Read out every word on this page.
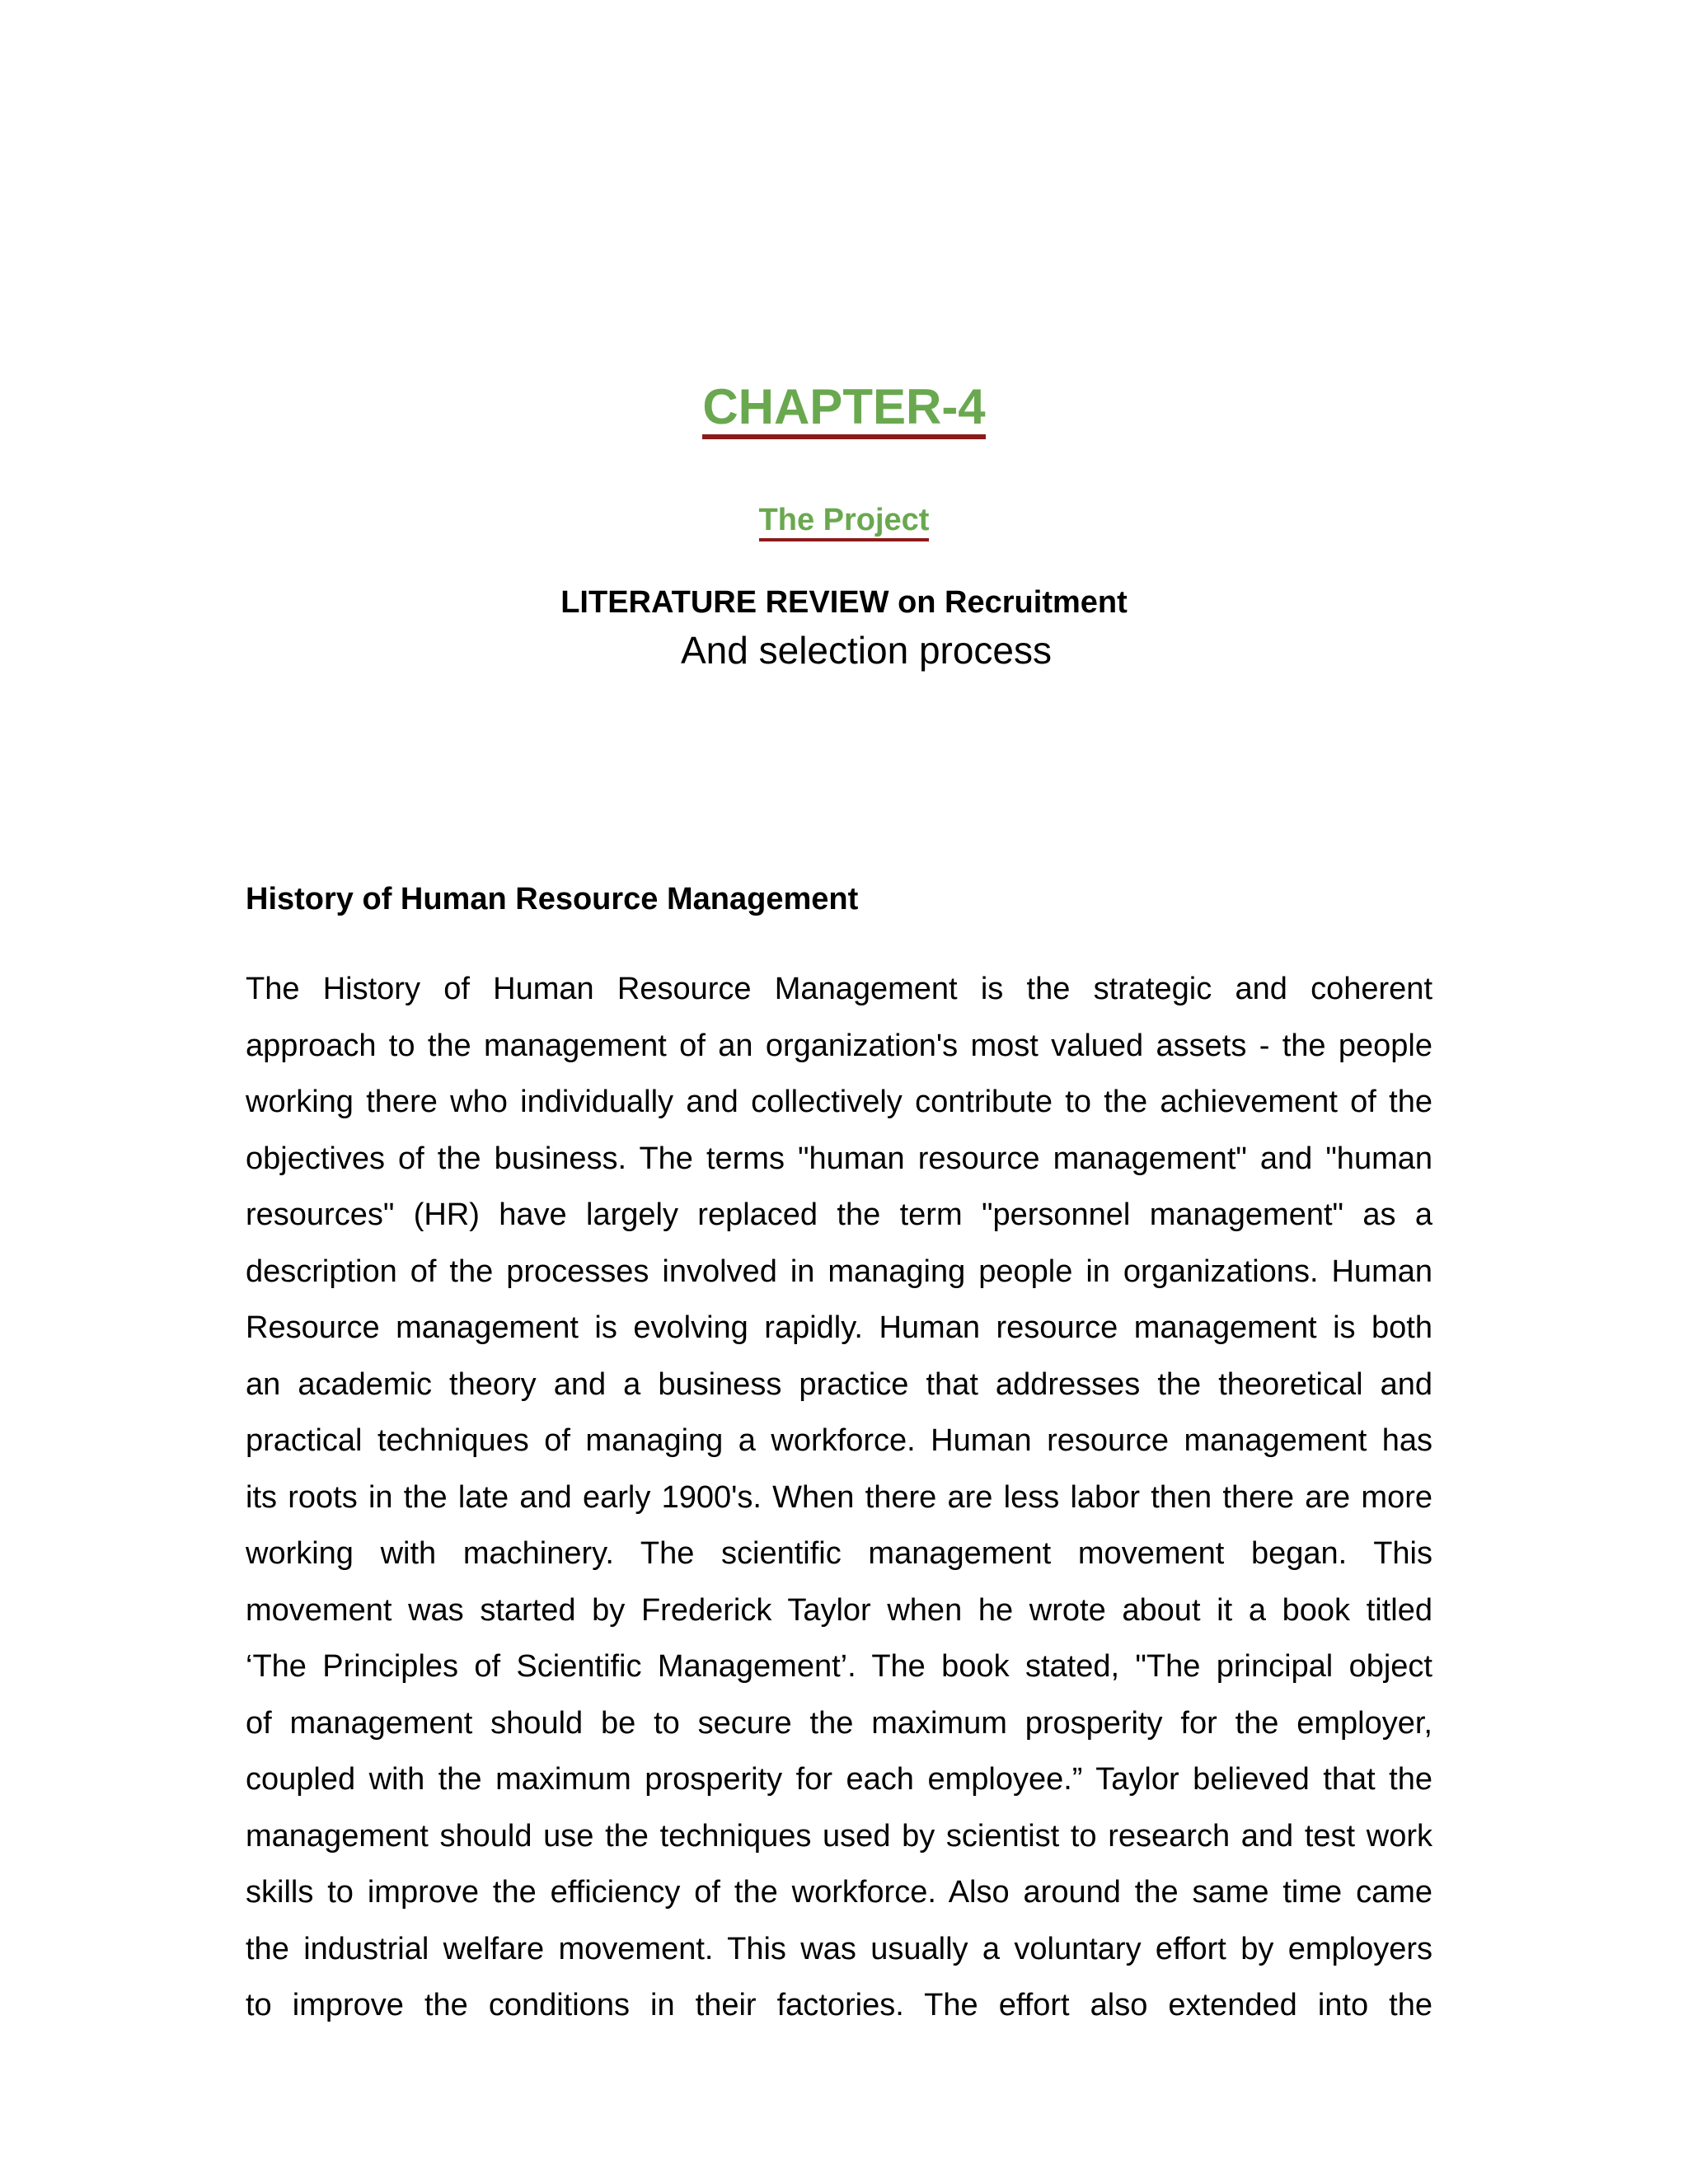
CHAPTER-4
The Project
LITERATURE REVIEW on Recruitment
And selection process
History of Human Resource Management
The History of Human Resource Management is the strategic and coherent
approach to the management of an organization's most valued assets - the people
working there who individually and collectively contribute to the achievement of the
objectives of the business. The terms "human resource management" and "human
resources" (HR) have largely replaced the term "personnel management" as a
description of the processes involved in managing people in organizations. Human
Resource management is evolving rapidly. Human resource management is both
an academic theory and a business practice that addresses the theoretical and
practical techniques of managing a workforce. Human resource management has
its roots in the late and early 1900's. When there are less labor then there are more
working with machinery. The scientific management movement began. This
movement was started by Frederick Taylor when he wrote about it a book titled
‘The Principles of Scientific Management’. The book stated, "The principal object
of management should be to secure the maximum prosperity for the employer,
coupled with the maximum prosperity for each employee.” Taylor believed that the
management should use the techniques used by scientist to research and test work
skills to improve the efficiency of the workforce. Also around the same time came
the industrial welfare movement. This was usually a voluntary effort by employers
to improve the conditions in their factories. The effort also extended into the
